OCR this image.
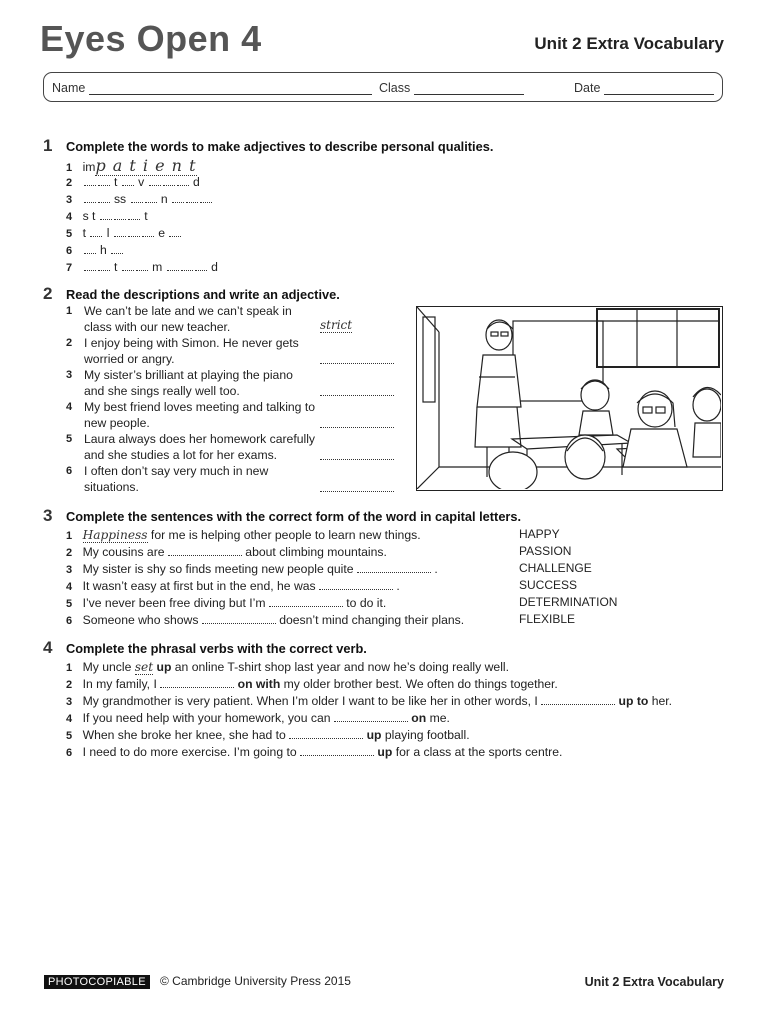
Eyes Open 4	Unit 2 Extra Vocabulary
Name	Class	Date
1 Complete the words to make adjectives to describe personal qualities.
1 imp a t i e n t
2	t  v	d
3	ss  n
4 s t	t
5 t  l	e
6  h
7	t  m	d
2 Read the descriptions and write an adjective.
1 We can’t be late and we can’t speak in class with our new teacher.	strict
2 I enjoy being with Simon. He never gets worried or angry.
3 My sister’s brilliant at playing the piano and she sings really well too.
4 My best friend loves meeting and talking to new people.
5 Laura always does her homework carefully and she studies a lot for her exams.
6 I often don’t say very much in new situations.
3 Complete the sentences with the correct form of the word in capital letters.
1 Happiness for me is helping other people to learn new things.	HAPPY
2 My cousins are	about climbing mountains.	PASSION
3 My sister is shy so finds meeting new people quite	.	CHALLENGE
4 It wasn’t easy at first but in the end, he was	.	SUCCESS
5 I’ve never been free diving but I’m	to do it.	DETERMINATION
6 Someone who shows	doesn’t mind changing their plans.	FLEXIBLE
4 Complete the phrasal verbs with the correct verb.
1 My uncle set up an online T-shirt shop last year and now he’s doing really well.
2 In my family, I	on with my older brother best. We often do things together.
3 My grandmother is very patient. When I’m older I want to be like her in other words, I	up to her.
4 If you need help with your homework, you can	on me.
5 When she broke her knee, she had to	up playing football.
6 I need to do more exercise. I’m going to	up for a class at the sports centre.
PHOTOCOPIABLE	© Cambridge University Press 2015	Unit 2 Extra Vocabulary
